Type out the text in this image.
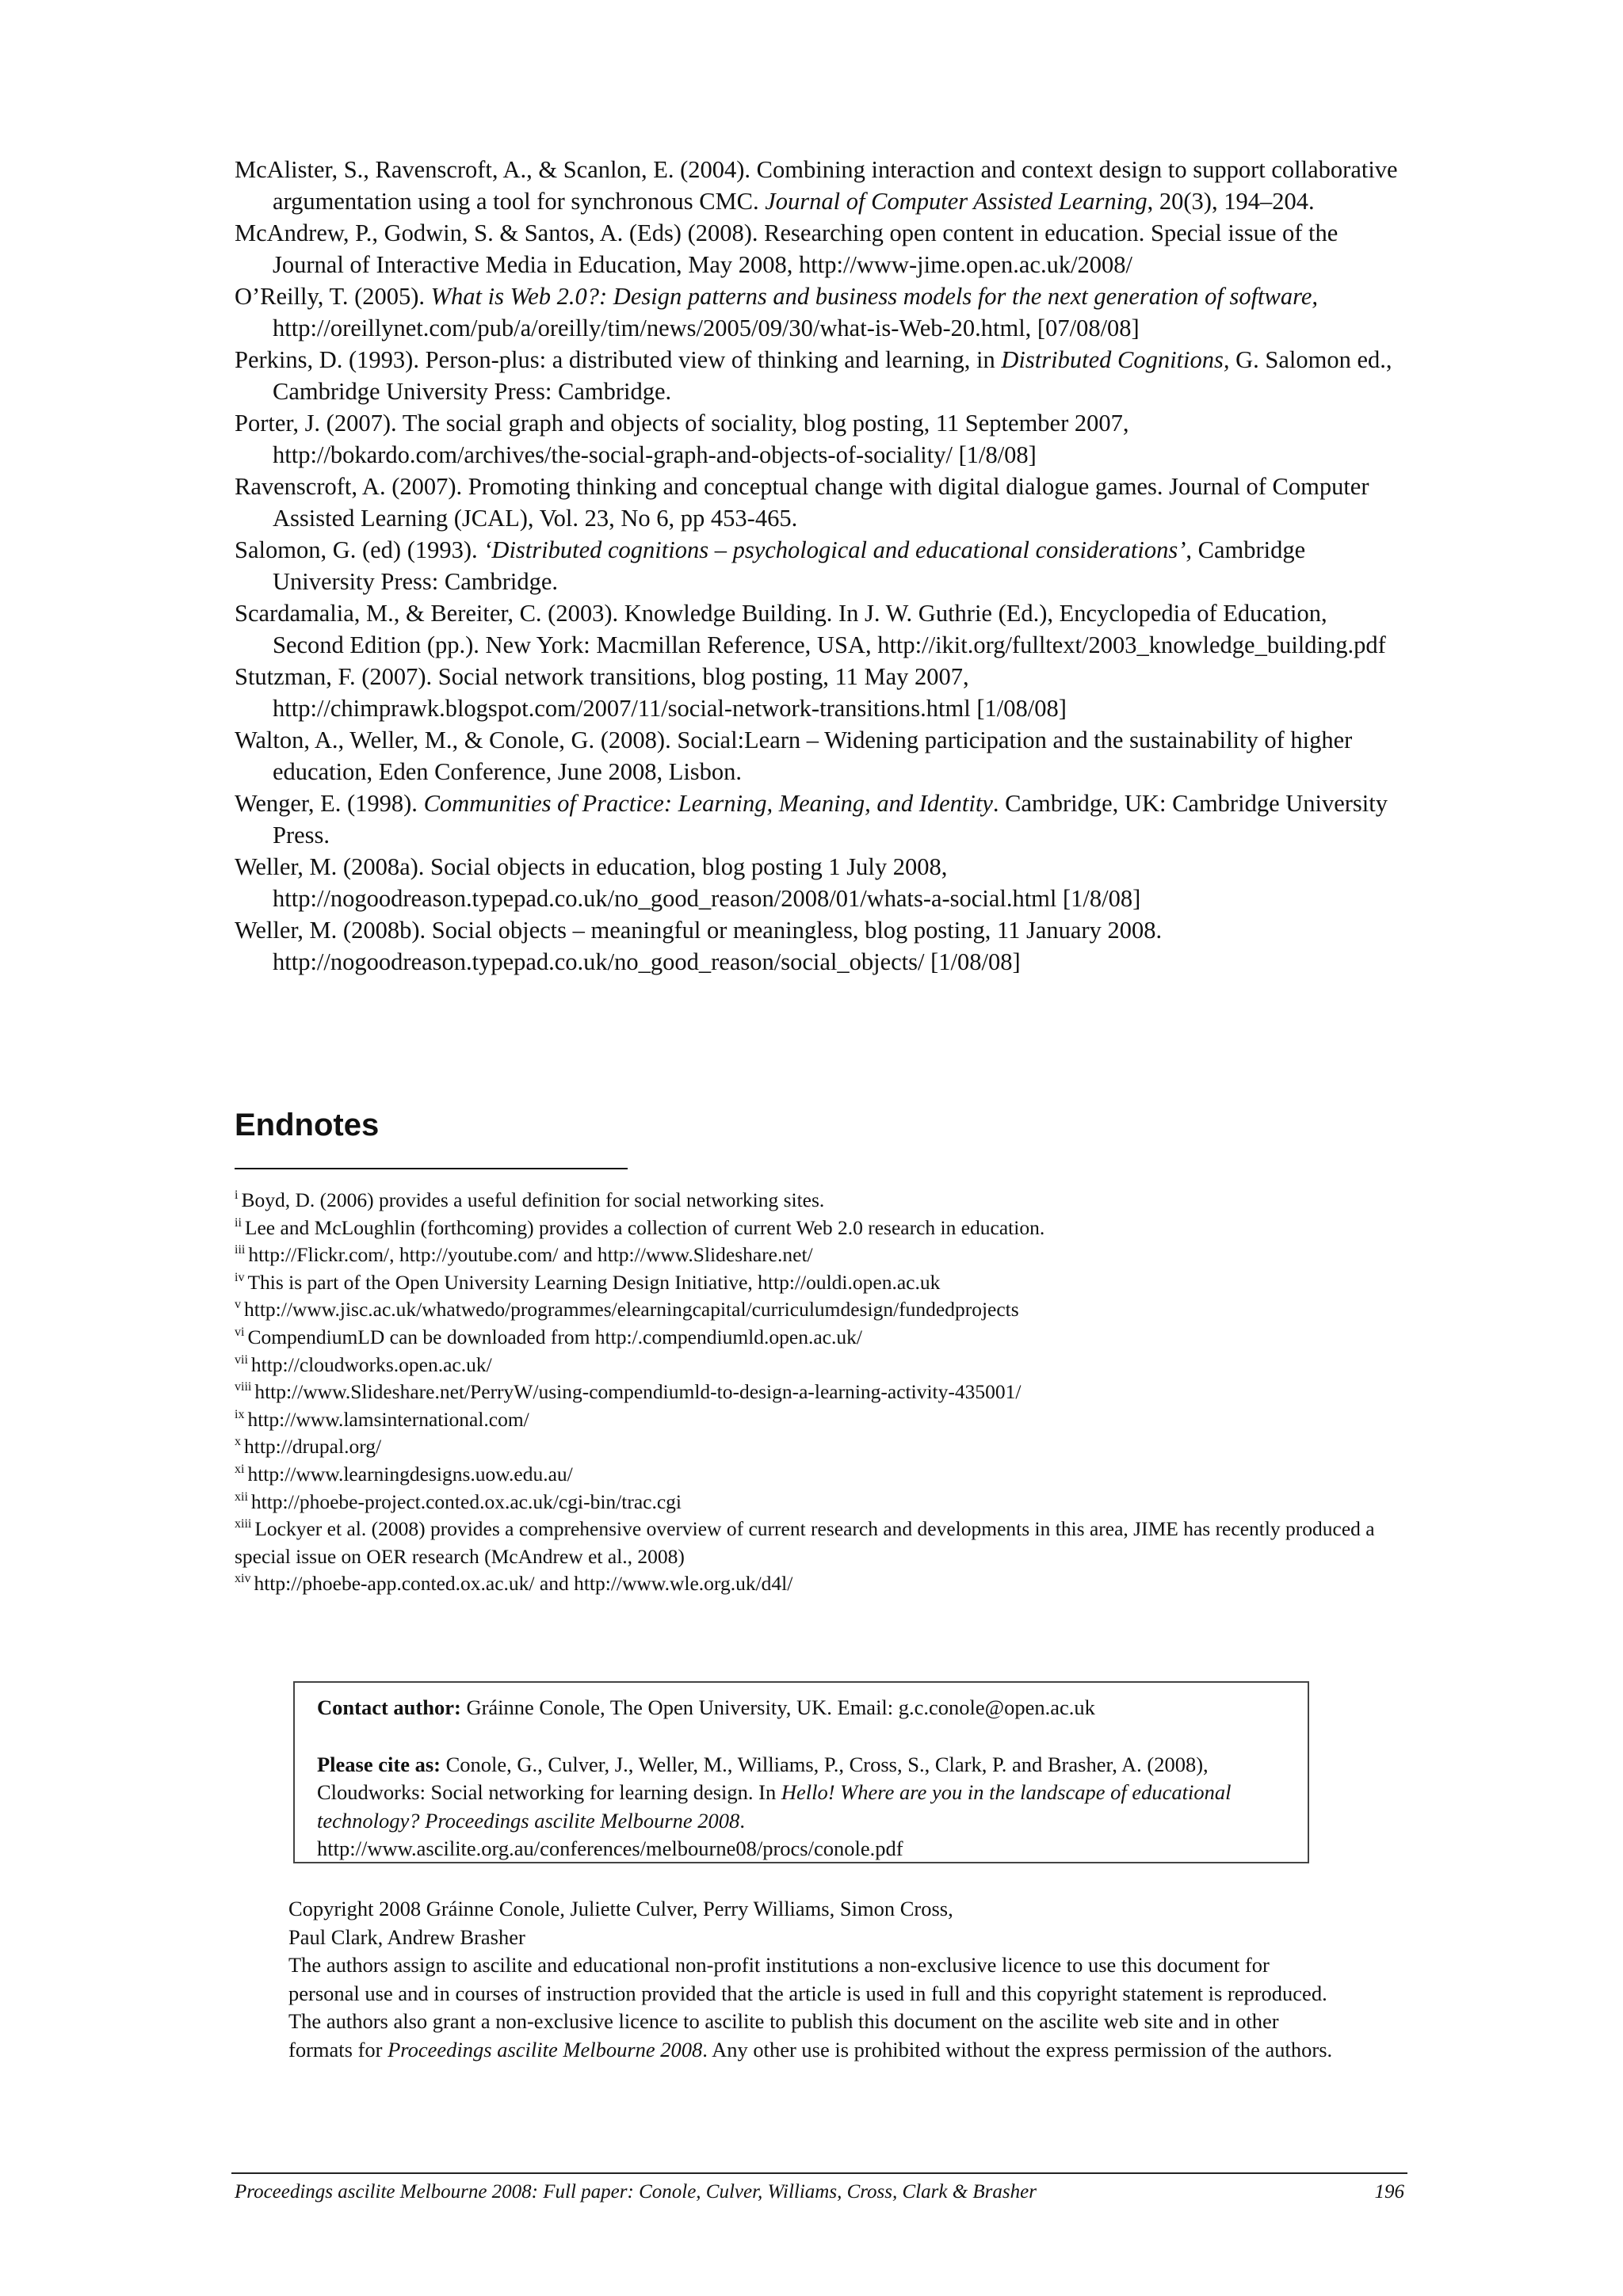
McAlister, S., Ravenscroft, A., & Scanlon, E. (2004). Combining interaction and context design to support collaborative argumentation using a tool for synchronous CMC. Journal of Computer Assisted Learning, 20(3), 194–204.

McAndrew, P., Godwin, S. & Santos, A. (Eds) (2008). Researching open content in education. Special issue of the Journal of Interactive Media in Education, May 2008, http://www-jime.open.ac.uk/2008/

O’Reilly, T. (2005). What is Web 2.0?: Design patterns and business models for the next generation of software, http://oreillynet.com/pub/a/oreilly/tim/news/2005/09/30/what-is-Web-20.html, [07/08/08]

Perkins, D. (1993). Person-plus: a distributed view of thinking and learning, in Distributed Cognitions, G. Salomon ed., Cambridge University Press: Cambridge.

Porter, J. (2007). The social graph and objects of sociality, blog posting, 11 September 2007, http://bokardo.com/archives/the-social-graph-and-objects-of-sociality/ [1/8/08]

Ravenscroft, A. (2007). Promoting thinking and conceptual change with digital dialogue games. Journal of Computer Assisted Learning (JCAL), Vol. 23, No 6, pp 453-465.

Salomon, G. (ed) (1993). ‘Distributed cognitions – psychological and educational considerations’, Cambridge University Press: Cambridge.

Scardamalia, M., & Bereiter, C. (2003). Knowledge Building. In J. W. Guthrie (Ed.), Encyclopedia of Education, Second Edition (pp.). New York: Macmillan Reference, USA, http://ikit.org/fulltext/2003_knowledge_building.pdf

Stutzman, F. (2007). Social network transitions, blog posting, 11 May 2007, http://chimprawk.blogspot.com/2007/11/social-network-transitions.html [1/08/08]

Walton, A., Weller, M., & Conole, G. (2008). Social:Learn – Widening participation and the sustainability of higher education, Eden Conference, June 2008, Lisbon.

Wenger, E. (1998). Communities of Practice: Learning, Meaning, and Identity. Cambridge, UK: Cambridge University Press.

Weller, M. (2008a). Social objects in education, blog posting 1 July 2008, http://nogoodreason.typepad.co.uk/no_good_reason/2008/01/whats-a-social.html [1/8/08]

Weller, M. (2008b). Social objects – meaningful or meaningless, blog posting, 11 January 2008. http://nogoodreason.typepad.co.uk/no_good_reason/social_objects/ [1/08/08]

Endnotes

$^i$ Boyd, D. (2006) provides a useful definition for social networking sites.

$^{ii}$ Lee and McLoughlin (forthcoming) provides a collection of current Web 2.0 research in education.

$^{iii}$ http://Flickr.com/, http://youtube.com/ and http://www.Slideshare.net/

$^{iv}$ This is part of the Open University Learning Design Initiative, http://ouldi.open.ac.uk

$^v$ http://www.jisc.ac.uk/whatwedo/programmes/elearningcapital/curriculumdesign/fundedprojects

$^{vi}$ CompendiumLD can be downloaded from http:/.compendiumld.open.ac.uk/

$^{vii}$ http://cloudworks.open.ac.uk/

$^{viii}$ http://www.Slideshare.net/PerryW/using-compendiumld-to-design-a-learning-activity-435001/

$^{ix}$ http://www.lamsinternational.com/

$^x$ http://drupal.org/

$^{xi}$ http://www.learningdesigns.uow.edu.au/

$^{xii}$ http://phoebe-project.conted.ox.ac.uk/cgi-bin/trac.cgi

$^{xiii}$ Lockyer et al. (2008) provides a comprehensive overview of current research and developments in this area, JIME has recently produced a special issue on OER research (McAndrew et al., 2008)

$^{xiv}$ http://phoebe-app.conted.ox.ac.uk/ and http://www.wle.org.uk/d4l/

Contact author: Gráinne Conole, The Open University, UK. Email: g.c.conole@open.ac.uk

Please cite as: Conole, G., Culver, J., Weller, M., Williams, P., Cross, S., Clark, P. and Brasher, A. (2008), Cloudworks: Social networking for learning design. In Hello! Where are you in the landscape of educational technology? Proceedings ascilite Melbourne 2008.
http://www.ascilite.org.au/conferences/melbourne08/procs/conole.pdf

Copyright 2008 Gráinne Conole, Juliette Culver, Perry Williams, Simon Cross,

Paul Clark, Andrew Brasher

The authors assign to ascilite and educational non-profit institutions a non-exclusive licence to use this document for personal use and in courses of instruction provided that the article is used in full and this copyright statement is reproduced. The authors also grant a non-exclusive licence to ascilite to publish this document on the ascilite web site and in other formats for Proceedings ascilite Melbourne 2008. Any other use is prohibited without the express permission of the authors.

Proceedings ascilite Melbourne 2008: Full paper: Conole, Culver, Williams, Cross, Clark & Brasher	196
